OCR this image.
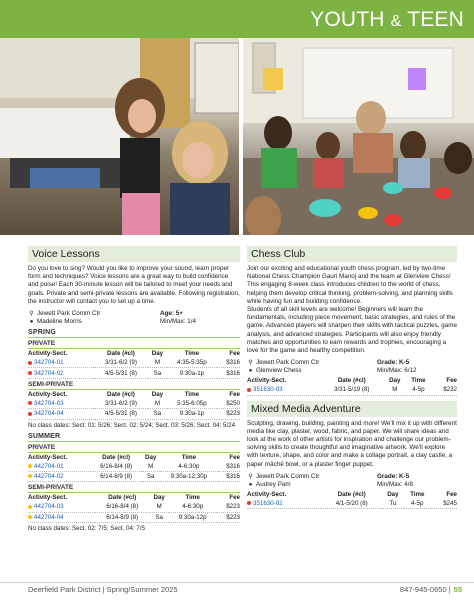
YOUTH & TEEN
Voice Lessons
Do you love to sing? Would you like to improve your sound, learn proper form and techniques? Voice lessons are a great way to build confidence and poise! Each 30-minute lesson will be tailored to meet your needs and goals. Private and semi-private lessons are available. Following registration, the instructor will contact you to set up a time.
⚲ Jewett Park Comm Ctr
● Madeline Morris
Age: 5+
Min/Max: 1/4
SPRING
PRIVATE
Activity-Sect.	Date (#cl)	Day	Time	Fee
342704-01	3/31-6/2 (9)	M	4:35-5:35p	$316
342704-02	4/5-5/31 (8)	Sa	9:30a-1p	$316
SEMI-PRIVATE
Activity-Sect.	Date (#cl)	Day	Time	Fee
342704-03	3/31-6/2 (9)	M	5:35-6:05p	$250
342704-04	4/5-5/31 (8)	Sa	9:30a-1p	$223
No class dates: Sect. 01: 5/26; Sect. 02: 5/24; Sect. 03: 5/26; Sect. 04: 5/24
SUMMER
PRIVATE
Activity-Sect.	Date (#cl)	Day	Time	Fee
442704-01	6/16-8/4 (8)	M	4-6:30p	$316
442704-02	6/14-8/9 (8)	Sa	9:30a-12:30p	$316
SEMI-PRIVATE
Activity-Sect.	Date (#cl)	Day	Time	Fee
442704-03	6/16-8/4 (8)	M	4-6:30p	$223
442704-04	6/14-8/9 (8)	Sa	9:30a-12p	$223
No class dates: Sect. 02: 7/5; Sect. 04: 7/5
Chess Club
Join our exciting and educational youth chess program, led by two-time National Chess Champion Gauri Manoj and the team at Glenview Chess! This engaging 8-week class introduces children to the world of chess, helping them develop critical thinking, problem-solving, and planning skills while having fun and building confidence.
Students of all skill levels are welcome! Beginners will learn the fundamentals, including piece movement, basic strategies, and rules of the game. Advanced players will sharpen their skills with tactical puzzles, game analysis, and advanced strategies. Participants will also enjoy friendly matches and opportunities to earn rewards and trophies, encouraging a love for the game and healthy competition.
⚲ Jewett Park Comm Ctr
● Glenview Chess
Grade: K-5
Min/Max: 6/12
Activity-Sect.	Date (#cl)	Day	Time	Fee
351630-03	3/31-5/19 (8)	M	4-5p	$232
Mixed Media Adventure
Sculpting, drawing, building, painting and more! We'll mix it up with different media like clay, plaster, wood, fabric, and paper. We will share ideas and look at the work of other artists for inspiration and challenge our problem-solving skills to create thoughtful and imaginative artwork. We'll explore with texture, shape, and color and make a collage portrait, a clay castle, a paper mâché bowl, or a plaster finger puppet.
⚲ Jewett Park Comm Ctr
● Audrey Pam
Grade: K-5
Min/Max: 4/8
Activity-Sect.	Date (#cl)	Day	Time	Fee
351630-02	4/1-5/20 (8)	Tu	4-5p	$245
Deerfield Park District | Spring/Summer 2025	847-945-0650 | 55
